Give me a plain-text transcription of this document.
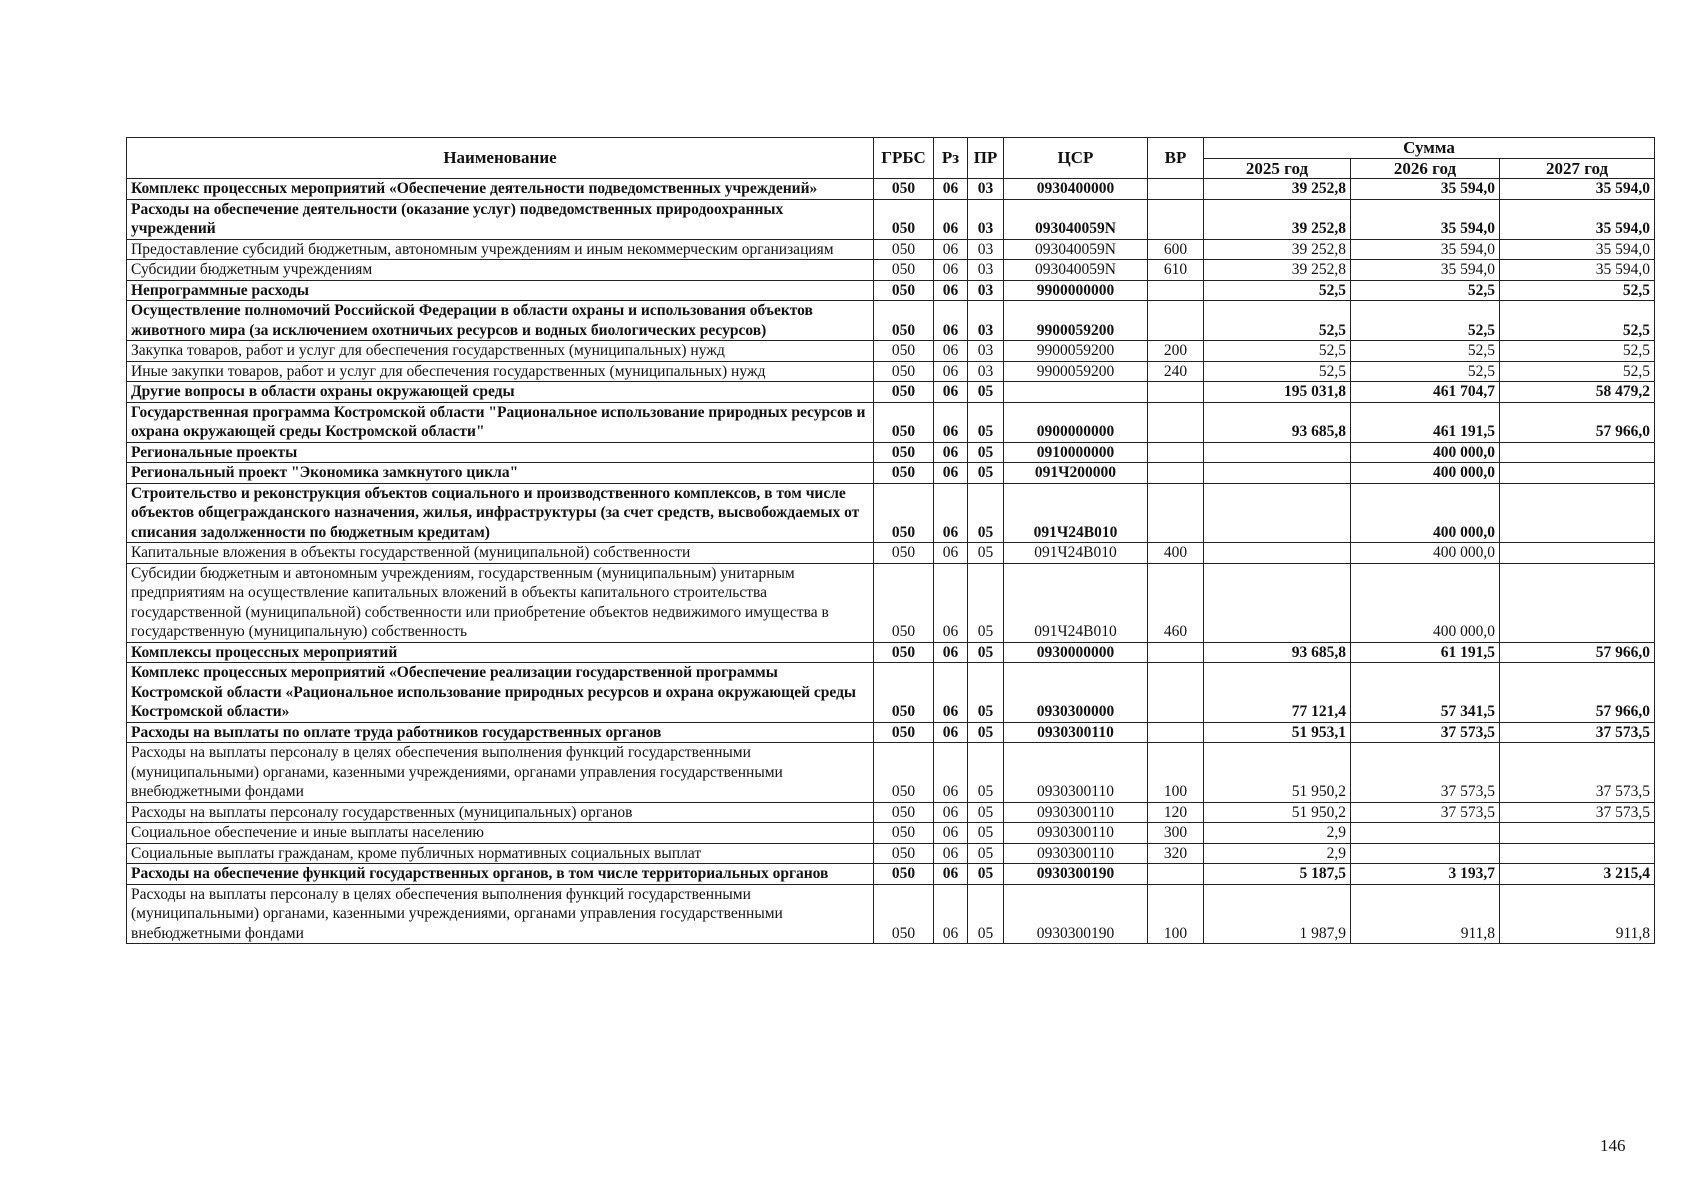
Наименование	ГРБС	Рз	ПР	ЦСР	ВР	Сумма		
						2025 год	2026 год	2027 год
Комплекс процессных мероприятий «Обеспечение деятельности подведомственных учреждений»	050	06	03	0930400000		39 252,8	35 594,0	35 594,0
Расходы на обеспечение деятельности (оказание услуг) подведомственных природоохранных учреждений	050	06	03	093040059N		39 252,8	35 594,0	35 594,0
Предоставление субсидий бюджетным, автономным учреждениям и иным некоммерческим организациям	050	06	03	093040059N	600	39 252,8	35 594,0	35 594,0
Субсидии бюджетным учреждениям	050	06	03	093040059N	610	39 252,8	35 594,0	35 594,0
Непрограммные расходы	050	06	03	9900000000		52,5	52,5	52,5
Осуществление полномочий Российской Федерации в области охраны и использования объектов животного мира (за исключением охотничьих ресурсов и водных биологических ресурсов)	050	06	03	9900059200		52,5	52,5	52,5
Закупка товаров, работ и услуг для обеспечения государственных (муниципальных) нужд	050	06	03	9900059200	200	52,5	52,5	52,5
Иные закупки товаров, работ и услуг для обеспечения государственных (муниципальных) нужд	050	06	03	9900059200	240	52,5	52,5	52,5
Другие вопросы в области охраны окружающей среды	050	06	05			195 031,8	461 704,7	58 479,2
Государственная программа Костромской области "Рациональное использование природных ресурсов и охрана окружающей среды Костромской области"	050	06	05	0900000000		93 685,8	461 191,5	57 966,0
Региональные проекты	050	06	05	0910000000			400 000,0	
Региональный проект "Экономика замкнутого цикла"	050	06	05	091Ч200000			400 000,0	
Строительство и реконструкция объектов социального и производственного комплексов, в том числе объектов общегражданского назначения, жилья, инфраструктуры (за счет средств, высвобождаемых от списания задолженности по бюджетным кредитам)	050	06	05	091Ч24В010			400 000,0	
Капитальные вложения в объекты государственной (муниципальной) собственности	050	06	05	091Ч24В010	400		400 000,0	
Субсидии бюджетным и автономным учреждениям, государственным (муниципальным) унитарным предприятиям на осуществление капитальных вложений в объекты капитального строительства государственной (муниципальной) собственности или приобретение объектов недвижимого имущества в государственную (муниципальную) собственность	050	06	05	091Ч24В010	460		400 000,0	
Комплексы процессных мероприятий	050	06	05	0930000000		93 685,8	61 191,5	57 966,0
Комплекс процессных мероприятий «Обеспечение реализации государственной программы Костромской области «Рациональное использование природных ресурсов и охрана окружающей среды Костромской области»	050	06	05	0930300000		77 121,4	57 341,5	57 966,0
Расходы на выплаты по оплате труда работников государственных органов	050	06	05	0930300110		51 953,1	37 573,5	37 573,5
Расходы на выплаты персоналу в целях обеспечения выполнения функций государственными (муниципальными) органами, казенными учреждениями, органами управления государственными внебюджетными фондами	050	06	05	0930300110	100	51 950,2	37 573,5	37 573,5
Расходы на выплаты персоналу государственных (муниципальных) органов	050	06	05	0930300110	120	51 950,2	37 573,5	37 573,5
Социальное обеспечение и иные выплаты населению	050	06	05	0930300110	300	2,9		
Социальные выплаты гражданам, кроме публичных нормативных социальных выплат	050	06	05	0930300110	320	2,9		
Расходы на обеспечение функций государственных органов, в том числе территориальных органов	050	06	05	0930300190		5 187,5	3 193,7	3 215,4
Расходы на выплаты персоналу в целях обеспечения выполнения функций государственными (муниципальными) органами, казенными учреждениями, органами управления государственными внебюджетными фондами	050	06	05	0930300190	100	1 987,9	911,8	911,8
146
